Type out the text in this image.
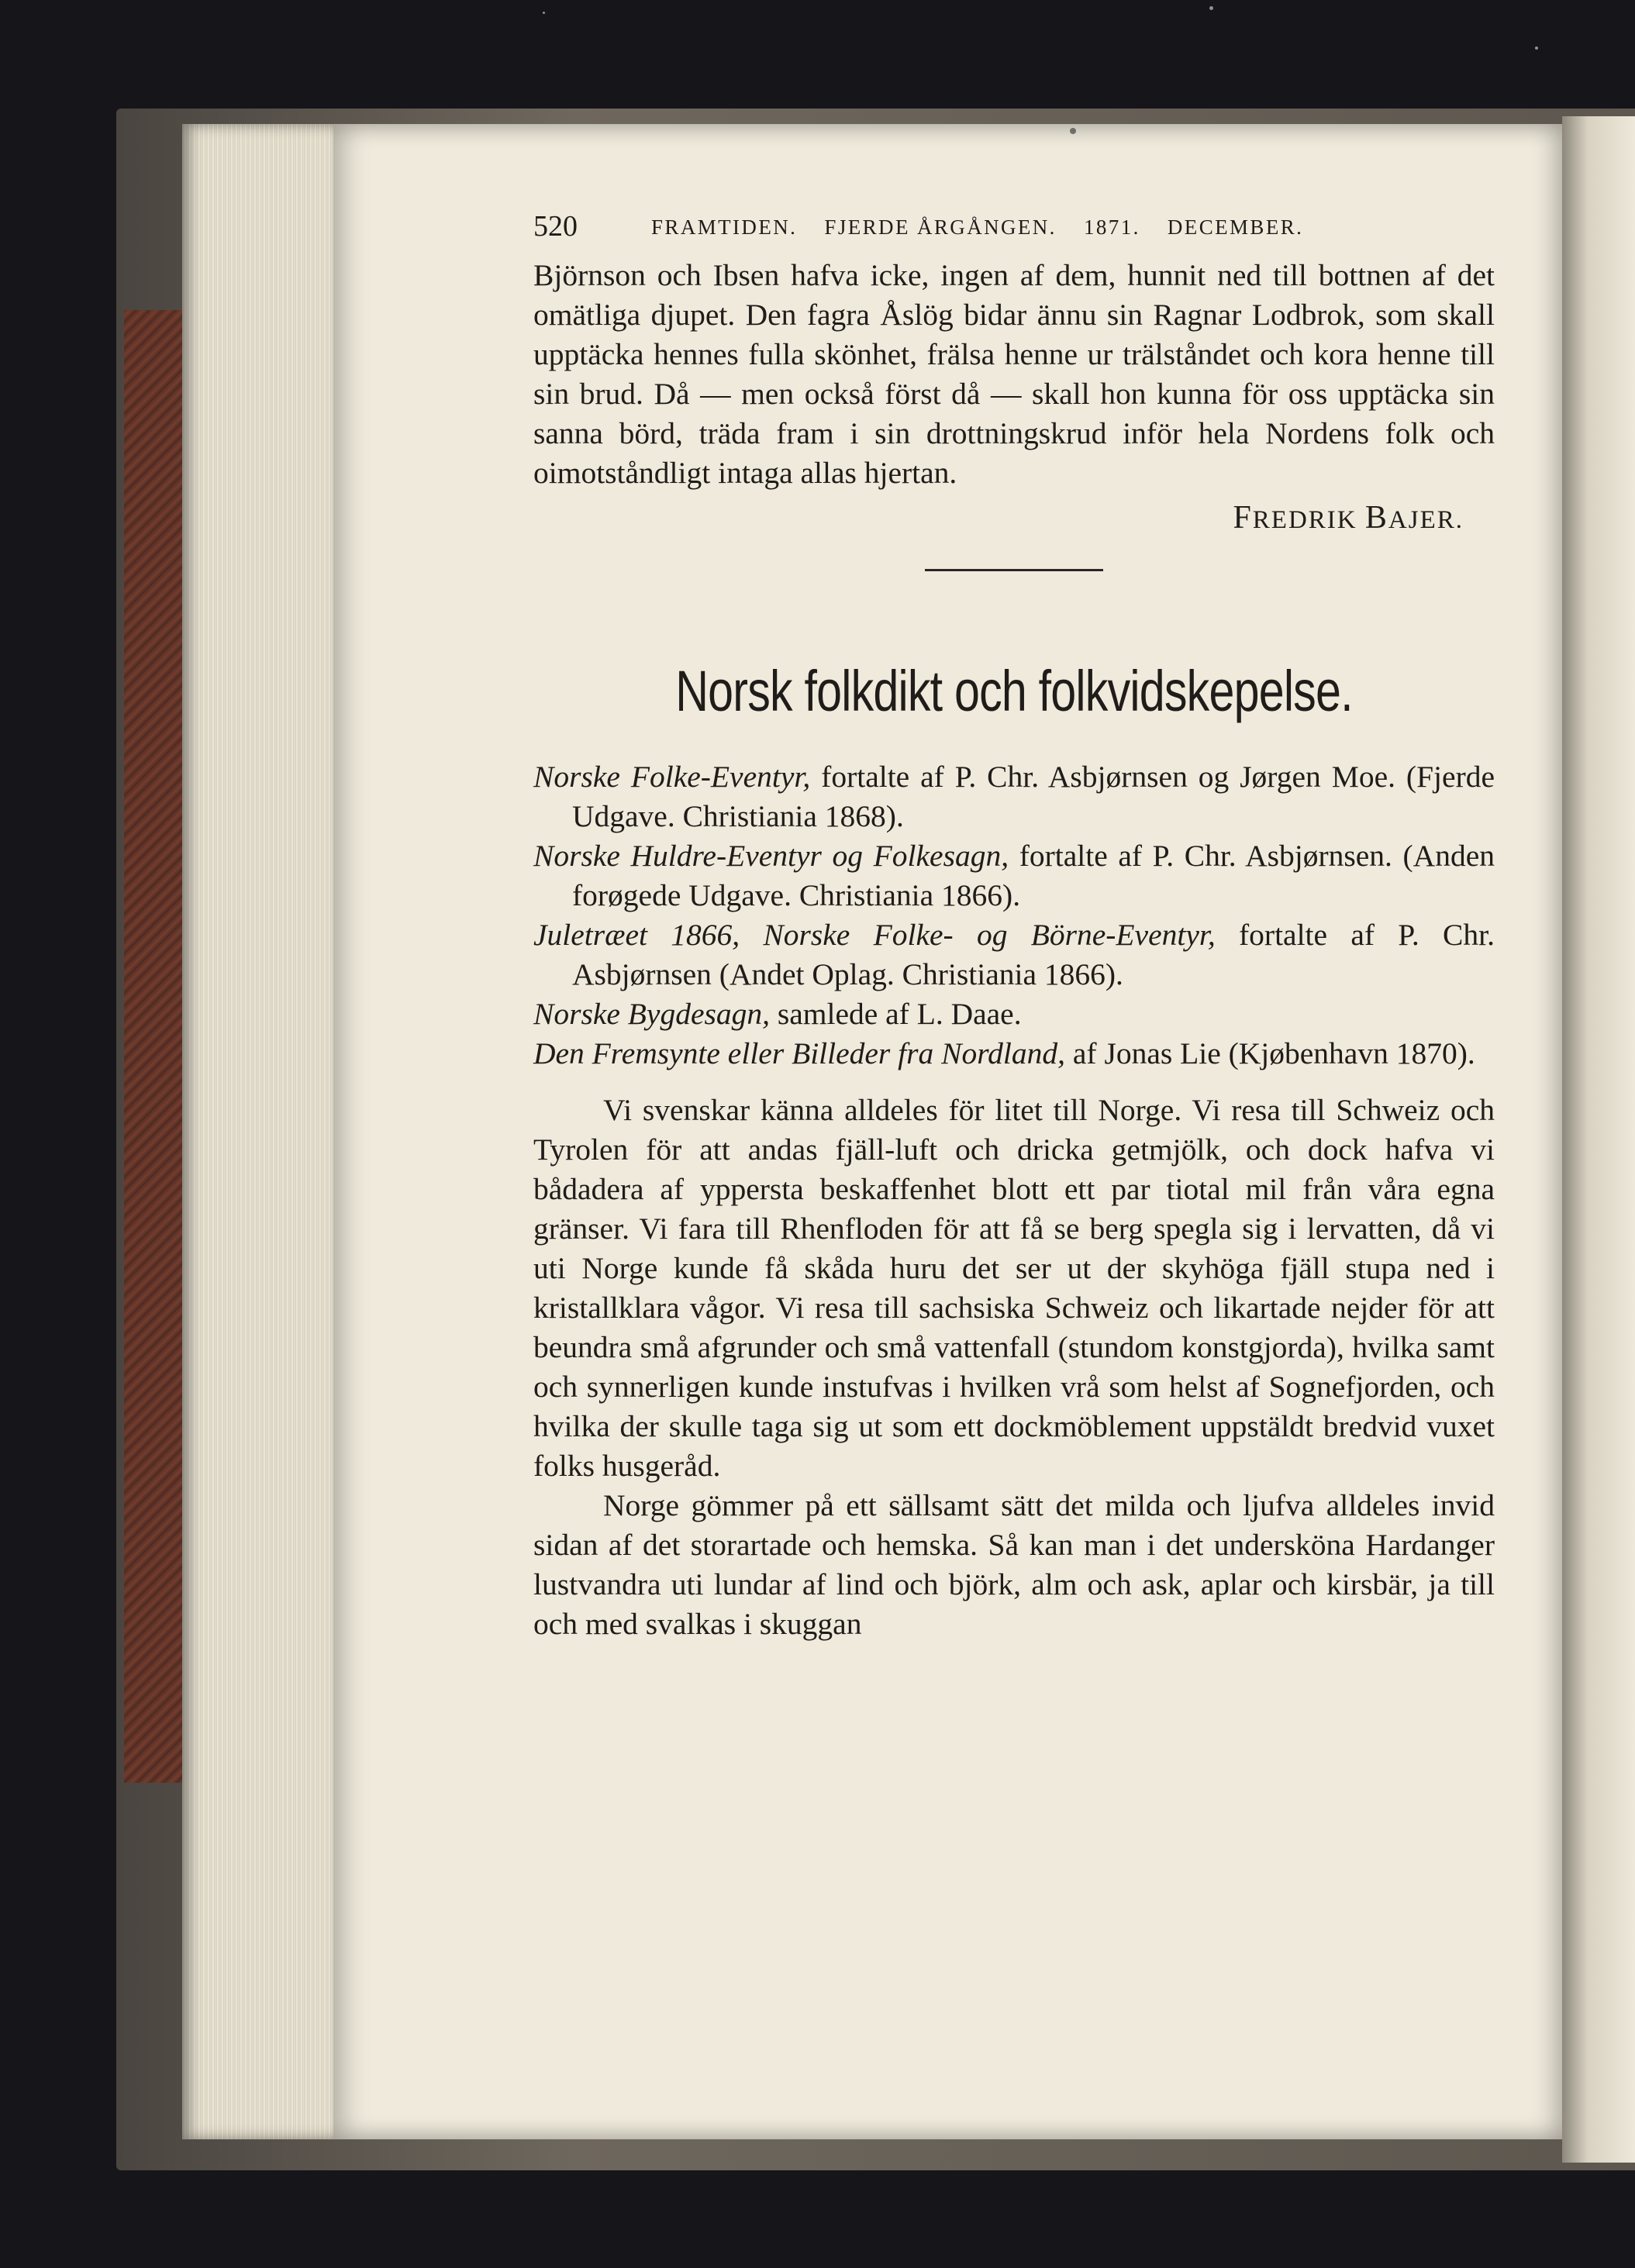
520	FRAMTIDEN. FJERDE ÅRGÅNGEN. 1871. DECEMBER.

Björnson och Ibsen hafva icke, ingen af dem, hunnit ned till bottnen af det omätliga djupet. Den fagra Åslög bidar ännu sin Ragnar Lodbrok, som skall upptäcka hennes fulla skönhet, frälsa henne ur trälståndet och kora henne till sin brud. Då — men också först då — skall hon kunna för oss upptäcka sin sanna börd, träda fram i sin drottningskrud inför hela Nordens folk och oimotståndligt intaga allas hjertan.

FREDRIK BAJER.
Norsk folkdikt och folkvidskepelse.
Norske Folke-Eventyr, fortalte af P. Chr. Asbjørnsen og Jørgen Moe. (Fjerde Udgave. Christiania 1868).
Norske Huldre-Eventyr og Folkesagn, fortalte af P. Chr. Asbjørnsen. (Anden forøgede Udgave. Christiania 1866).
Juletræet 1866, Norske Folke- og Börne-Eventyr, fortalte af P. Chr. Asbjørnsen (Andet Oplag. Christiania 1866).
Norske Bygdesagn, samlede af L. Daae.
Den Fremsynte eller Billeder fra Nordland, af Jonas Lie (Kjøbenhavn 1870).

Vi svenskar känna alldeles för litet till Norge. Vi resa till Schweiz och Tyrolen för att andas fjäll-luft och dricka getmjölk, och dock hafva vi bådadera af yppersta beskaffenhet blott ett par tiotal mil från våra egna gränser. Vi fara till Rhenfloden för att få se berg spegla sig i lervatten, då vi uti Norge kunde få skåda huru det ser ut der skyhöga fjäll stupa ned i kristallklara vågor. Vi resa till sachsiska Schweiz och likartade nejder för att beundra små afgrunder och små vattenfall (stundom konstgjorda), hvilka samt och synnerligen kunde instufvas i hvilken vrå som helst af Sognefjorden, och hvilka der skulle taga sig ut som ett dockmöblement uppstäldt bredvid vuxet folks husgeråd.

Norge gömmer på ett sällsamt sätt det milda och ljufva alldeles invid sidan af det storartade och hemska. Så kan man i det undersköna Hardanger lustvandra uti lundar af lind och björk, alm och ask, aplar och kirsbär, ja till och med svalkas i skuggan
